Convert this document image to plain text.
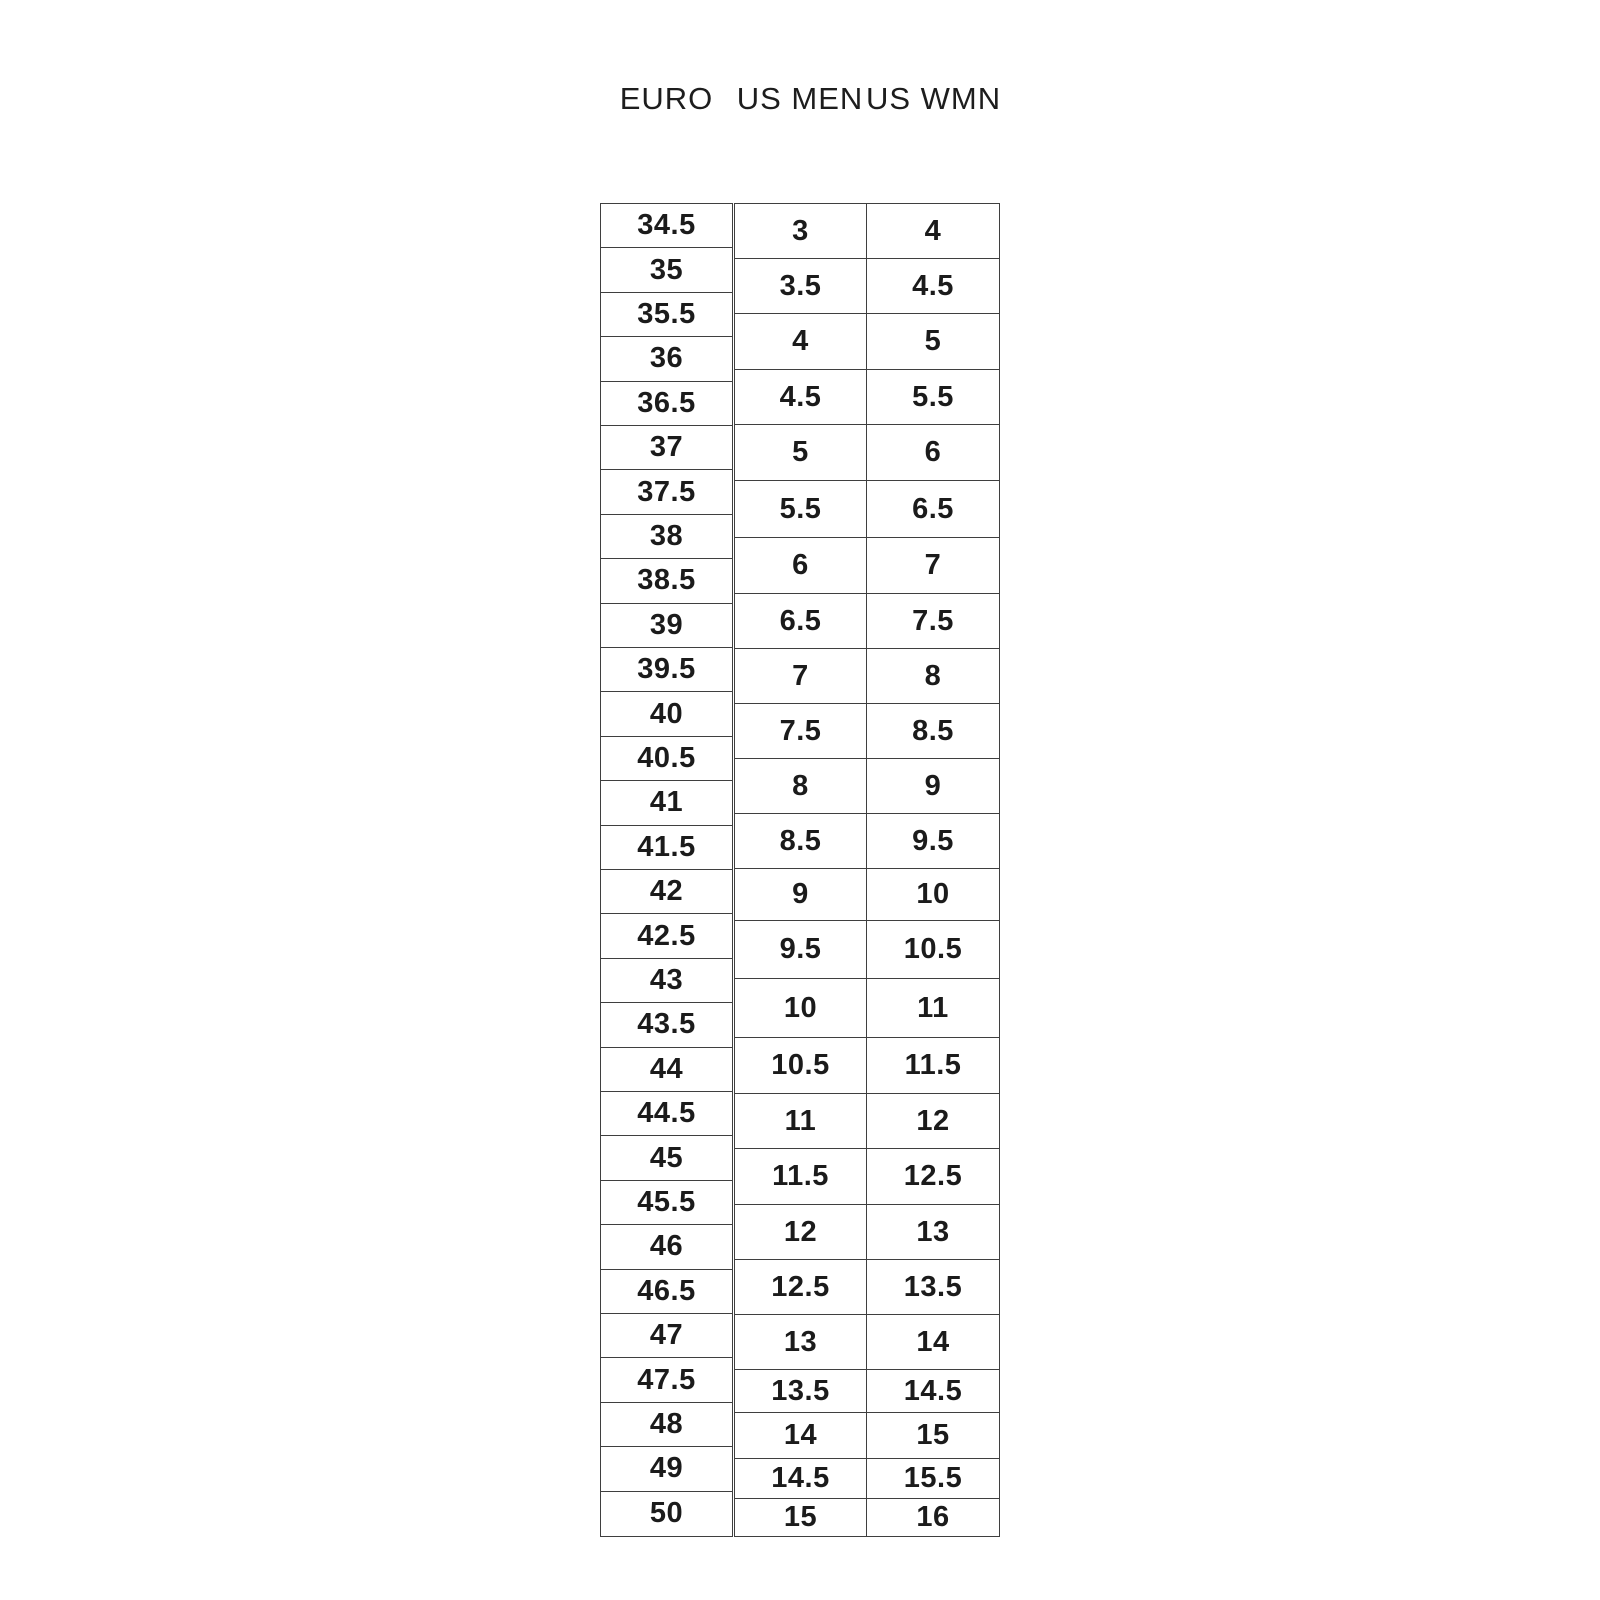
EURO US MEN US WMN
34.5
35
35.5
36
36.5
37
37.5
38
38.5
39
39.5
40
40.5
41
41.5
42
42.5
43
43.5
44
44.5
45
45.5
46
46.5
47
47.5
48
49
50
3
3.5
4
4.5
5
5.5
6
6.5
7
7.5
8
8.5
9
9.5
10
10.5
11
11.5
12
12.5
13
13.5
14
14.5
15
4
4.5
5
5.5
6
6.5
7
7.5
8
8.5
9
9.5
10
10.5
11
11.5
12
12.5
13
13.5
14
14.5
15
15.5
16
